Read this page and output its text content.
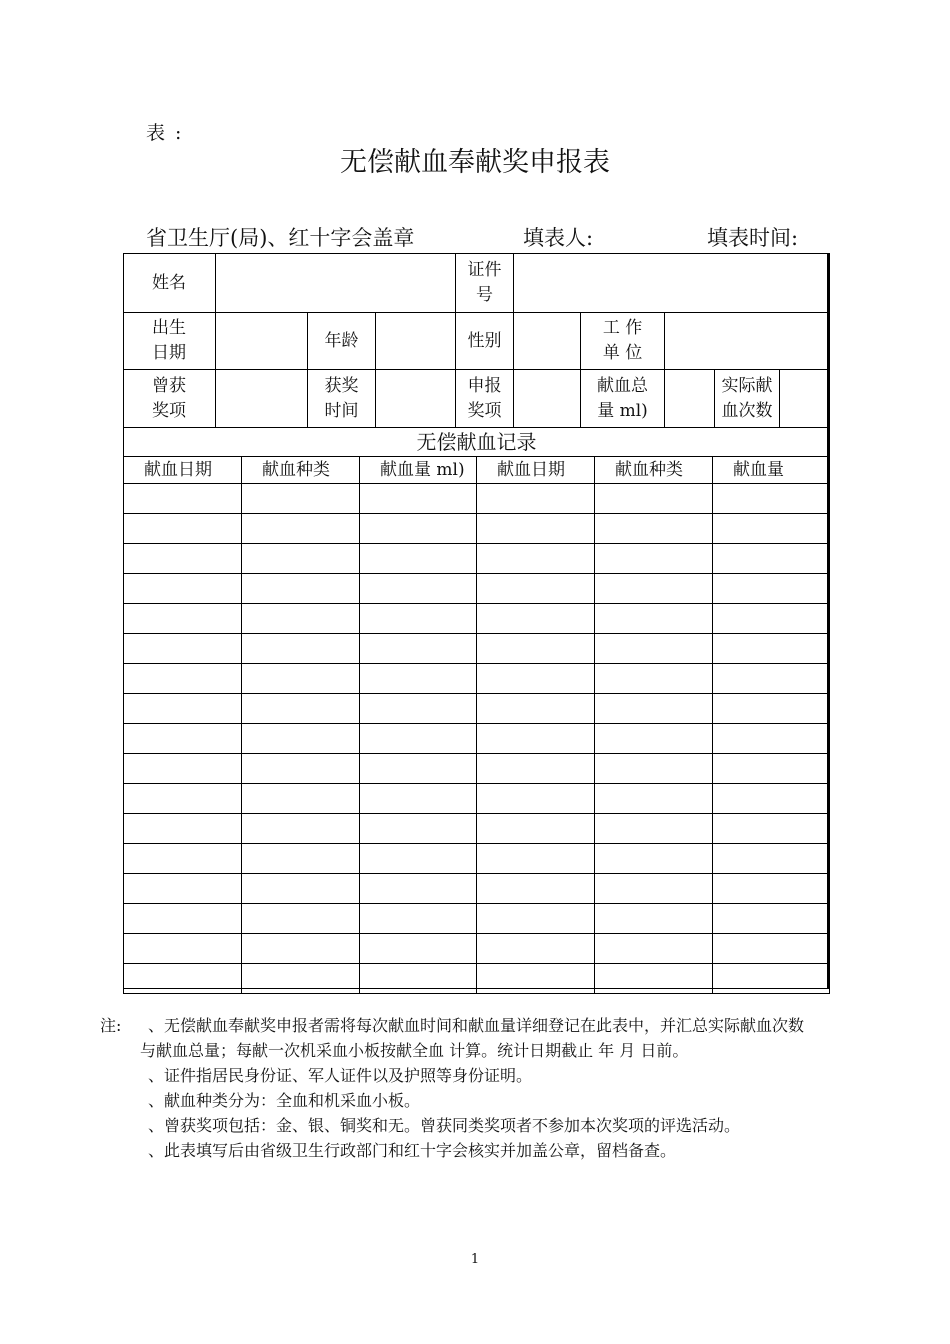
表 :
无偿献血奉献奖申报表
省卫生厅(局)、红十字会盖章	填表人:	填表时间:
姓名				证件号					

出生日期		年龄		性别		工 作 单 位			

曾获奖项		获奖时间		申报奖项		献血总量 ml)		实际献血次数	

无偿献血记录									
献血日期	献血种类	献血量 ml)	献血日期	献血种类	献血量

注:	、无偿献血奉献奖申报者需将每次献血时间和献血量详细登记在此表中，并汇总实际献血次数与献血总量；每献一次机采血小板按献全血 计算。统计日期截止 年 月 日前。

、证件指居民身份证、军人证件以及护照等身份证明。

、献血种类分为：全血和机采血小板。

、曾获奖项包括：金、银、铜奖和无。曾获同类奖项者不参加本次奖项的评选活动。

、此表填写后由省级卫生行政部门和红十字会核实并加盖公章，留档备查。

1
